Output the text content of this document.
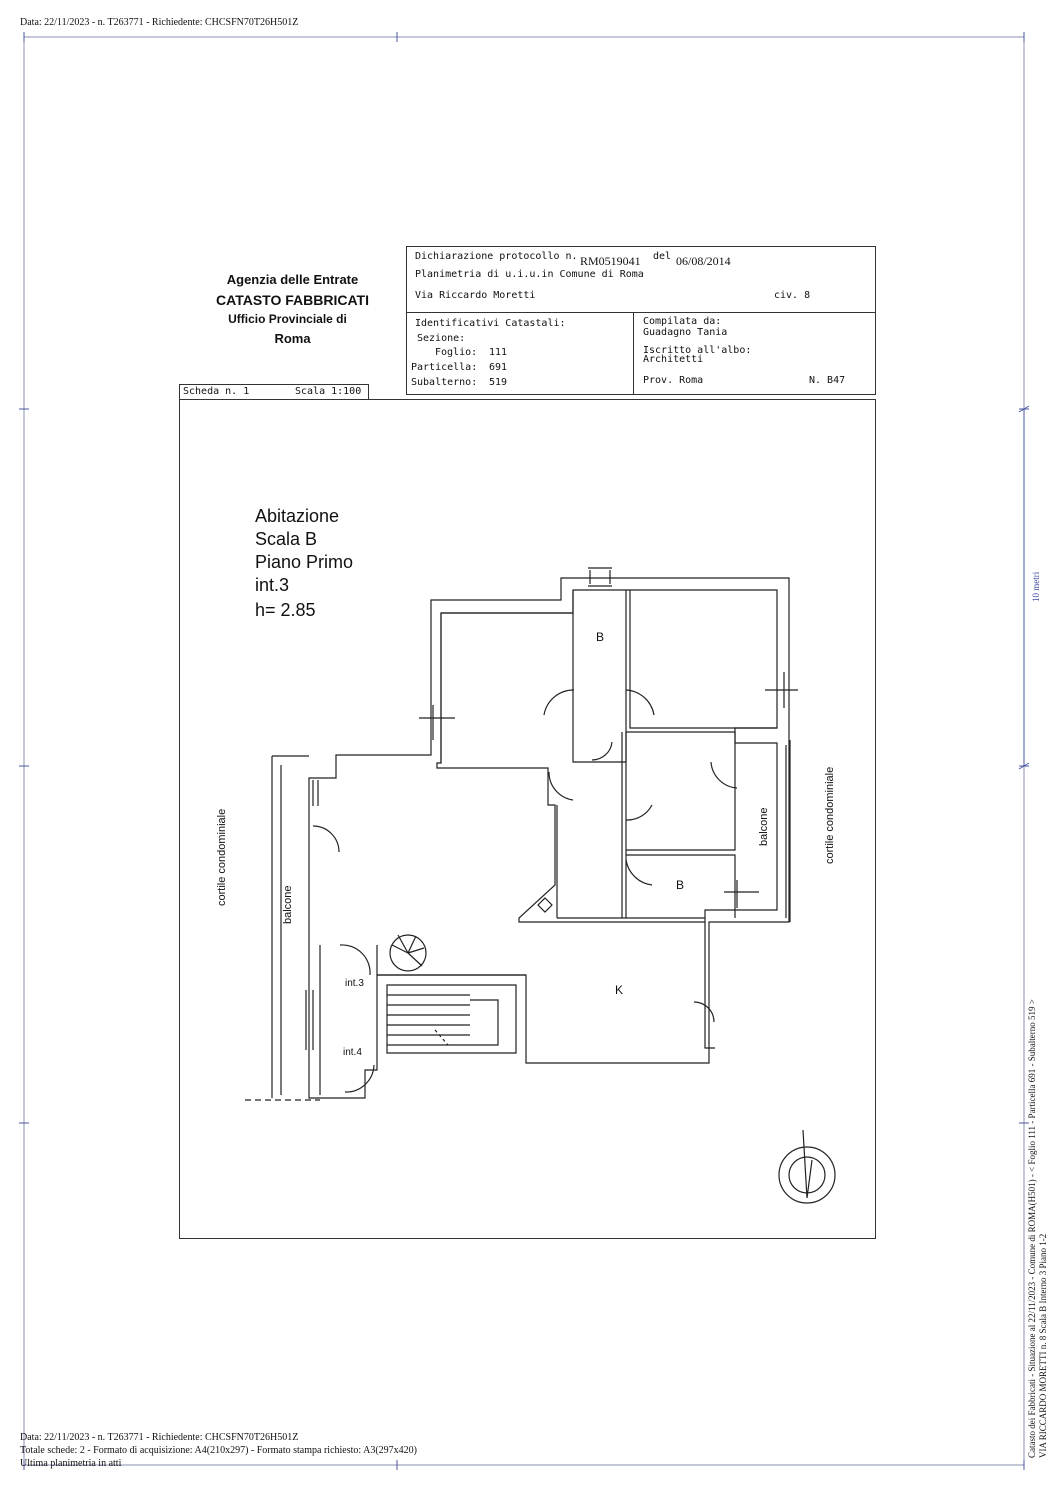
Data: 22/11/2023 - n. T263771 - Richiedente: CHCSFN70T26H501Z
10 metri
Agenzia delle Entrate
CATASTO FABBRICATI
Ufficio Provinciale di
Roma
Dichiarazione protocollo n. RM0519041 del 06/08/2014
Planimetria di u.i.u.in Comune di Roma
Via Riccardo Moretti	civ. 8
Identificativi Catastali:
Sezione:
Foglio: 111
Particella: 691
Subalterno: 519
Compilata da:
Guadagno Tania
Iscritto all'albo:
Architetti
Prov. Roma	N. B47
Scheda n. 1	Scala 1:100
Abitazione
Scala B
Piano Primo
int.3
h= 2.85
B
B
K
int.3
int.4
cortile condominiale	balcone
balcone	cortile condominiale
Catasto dei Fabbricati - Situazione al 22/11/2023 - Comune di ROMA(H501) - < Foglio 111 - Particella 691 - Subalterno 519 > VIA RICCARDO MORETTI n. 8 Scala B Interno 3 Piano 1-2
Data: 22/11/2023 - n. T263771 - Richiedente: CHCSFN70T26H501Z
Totale schede: 2 - Formato di acquisizione: A4(210x297) - Formato stampa richiesto: A3(297x420)
Ultima planimetria in atti
